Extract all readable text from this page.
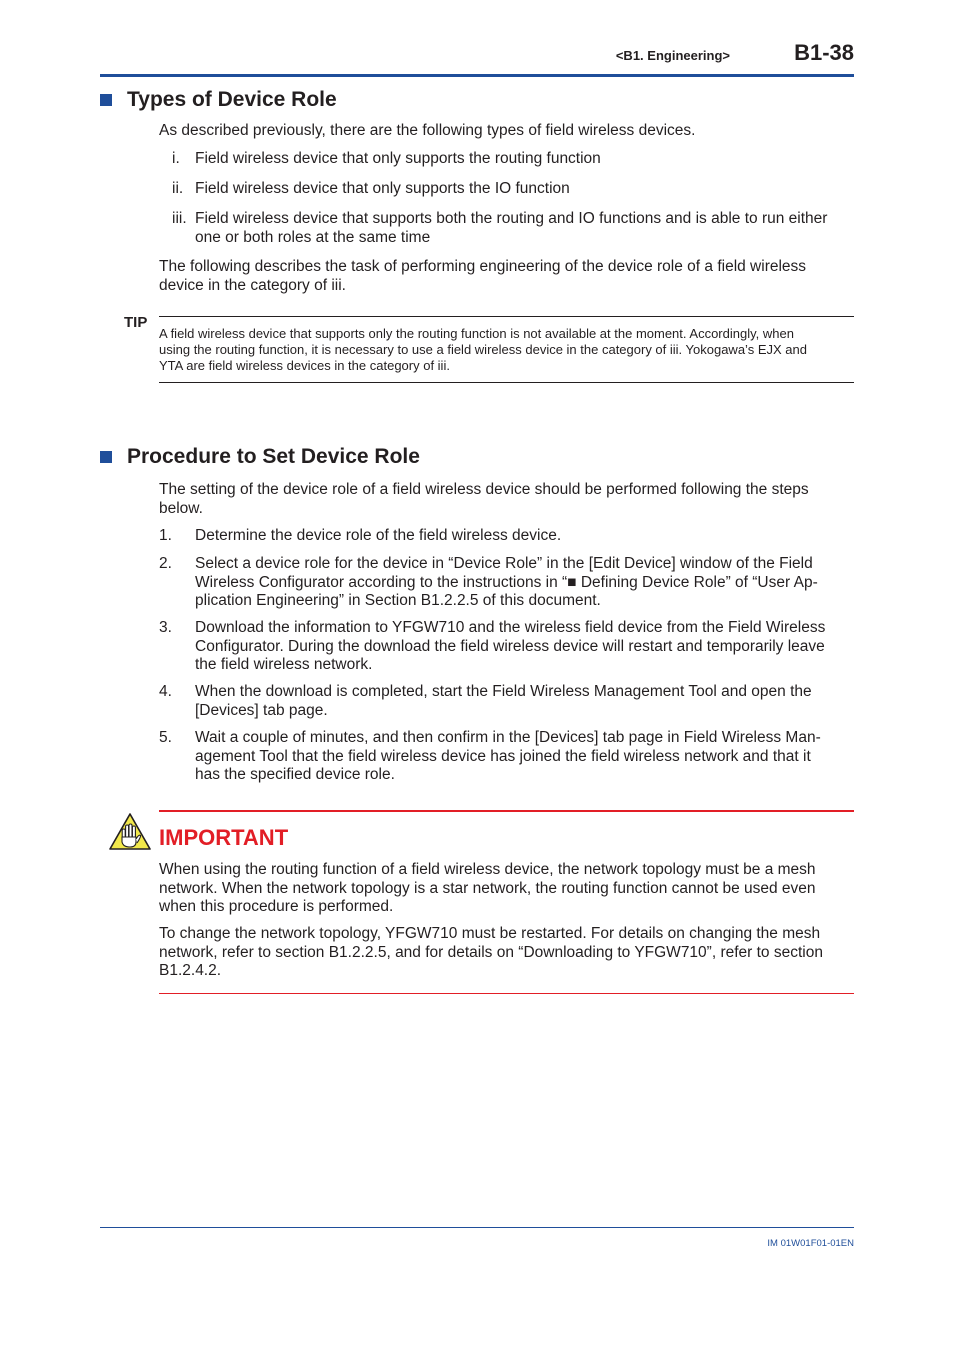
<B1. Engineering>	B1-38
Types of Device Role
As described previously, there are the following types of field wireless devices.
i. Field wireless device that only supports the routing function
ii. Field wireless device that only supports the IO function
iii. Field wireless device that supports both the routing and IO functions and is able to run either
one or both roles at the same time
The following describes the task of performing engineering of the device role of a field wireless
device in the category of iii.
TIP
A field wireless device that supports only the routing function is not available at the moment. Accordingly, when
using the routing function, it is necessary to use a field wireless device in the category of iii. Yokogawa’s EJX and
YTA are field wireless devices in the category of iii.
Procedure to Set Device Role
The setting of the device role of a field wireless device should be performed following the steps
below.
1. Determine the device role of the field wireless device.
2. Select a device role for the device in “Device Role” in the [Edit Device] window of the Field
Wireless Configurator according to the instructions in “■ Defining Device Role” of “User Ap-
plication Engineering” in Section B1.2.2.5 of this document.
3. Download the information to YFGW710 and the wireless field device from the Field Wireless
Configurator. During the download the field wireless device will restart and temporarily leave
the field wireless network.
4. When the download is completed, start the Field Wireless Management Tool and open the
[Devices] tab page.
5. Wait a couple of minutes, and then confirm in the [Devices] tab page in Field Wireless Man-
agement Tool that the field wireless device has joined the field wireless network and that it
has the specified device role.
IMPORTANT
When using the routing function of a field wireless device, the network topology must be a mesh
network. When the network topology is a star network, the routing function cannot be used even
when this procedure is performed.
To change the network topology, YFGW710 must be restarted. For details on changing the mesh
network, refer to section B1.2.2.5, and for details on “Downloading to YFGW710”, refer to section
B1.2.4.2.
IM 01W01F01-01EN
